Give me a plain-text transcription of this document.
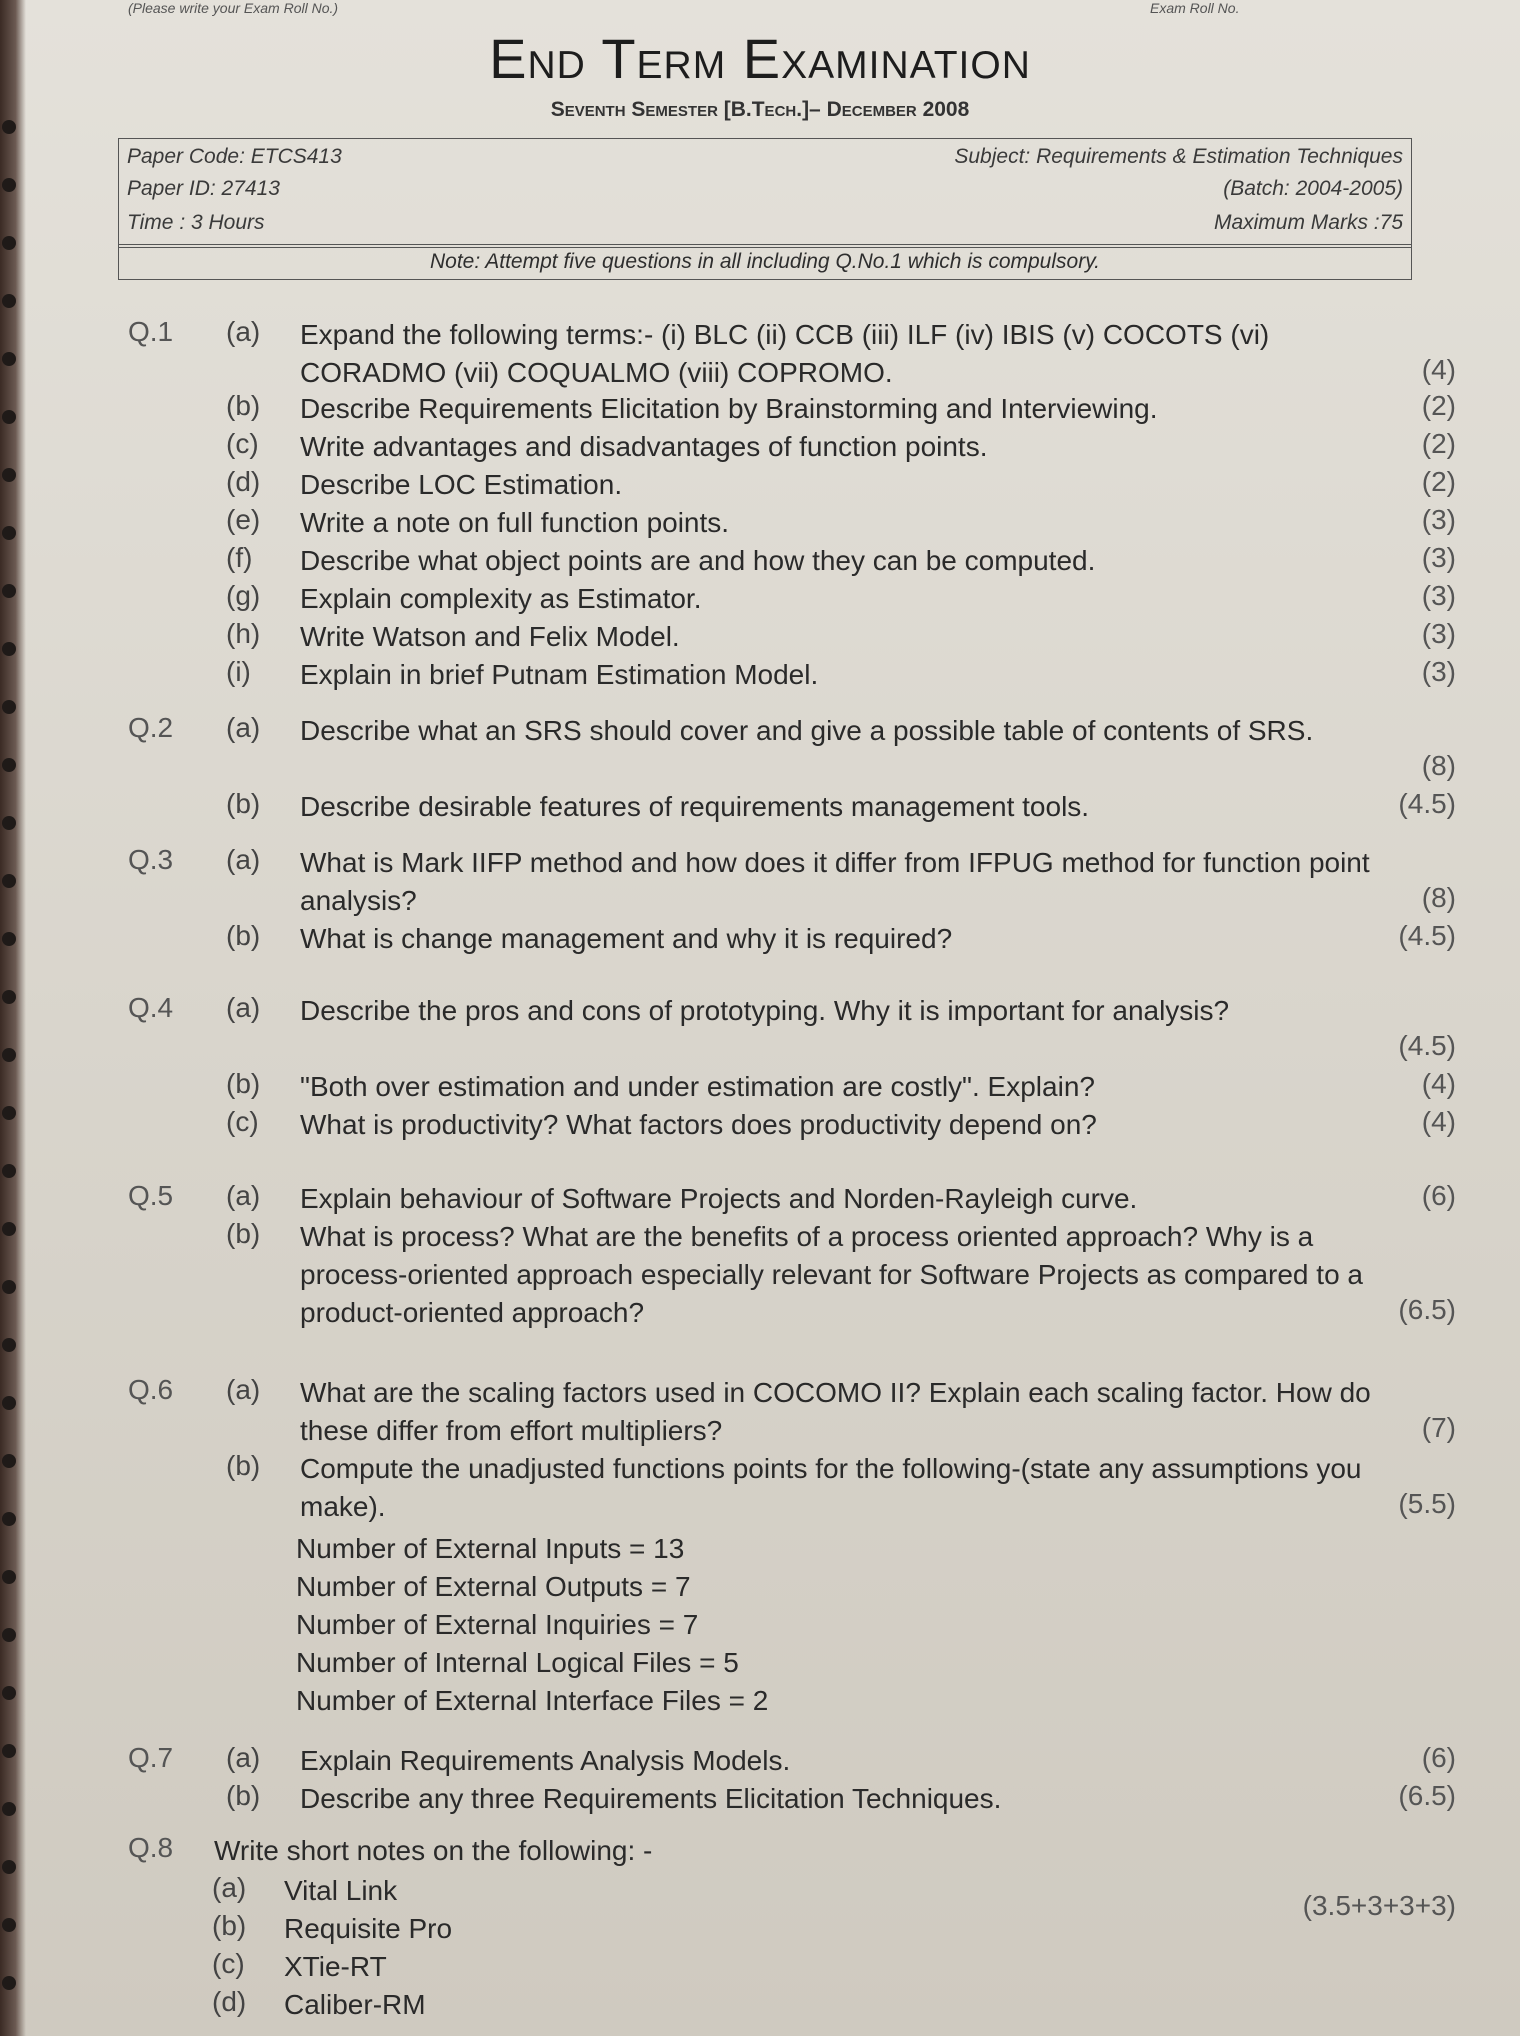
(Please write your Exam Roll No.)	Exam Roll No.
End Term Examination
Seventh Semester [B.Tech.]– December 2008
Paper Code: ETCS413	Subject: Requirements & Estimation Techniques
Paper ID: 27413	(Batch: 2004-2005)
Time : 3 Hours	Maximum Marks :75
Note: Attempt five questions in all including Q.No.1 which is compulsory.
Q.1 (a) Expand the following terms:- (i) BLC (ii) CCB (iii) ILF (iv) IBIS (v) COCOTS (vi) CORADMO (vii) COQUALMO (viii) COPROMO.	(4)
(b) Describe Requirements Elicitation by Brainstorming and Interviewing.	(2)
(c) Write advantages and disadvantages of function points.	(2)
(d) Describe LOC Estimation.	(2)
(e) Write a note on full function points.	(3)
(f) Describe what object points are and how they can be computed.	(3)
(g) Explain complexity as Estimator.	(3)
(h) Write Watson and Felix Model.	(3)
(i) Explain in brief Putnam Estimation Model.	(3)
Q.2 (a) Describe what an SRS should cover and give a possible table of contents of SRS.
(8)
(b) Describe desirable features of requirements management tools.	(4.5)
Q.3 (a) What is Mark IIFP method and how does it differ from IFPUG method for function point analysis?	(8)
(b) What is change management and why it is required?	(4.5)
Q.4 (a) Describe the pros and cons of prototyping. Why it is important for analysis?
(4.5)
(b) "Both over estimation and under estimation are costly". Explain?	(4)
(c) What is productivity? What factors does productivity depend on?	(4)
Q.5 (a) Explain behaviour of Software Projects and Norden-Rayleigh curve.	(6)
(b) What is process? What are the benefits of a process oriented approach? Why is a process-oriented approach especially relevant for Software Projects as compared to a product-oriented approach?	(6.5)
Q.6 (a) What are the scaling factors used in COCOMO II? Explain each scaling factor. How do these differ from effort multipliers?	(7)
(b) Compute the unadjusted functions points for the following-(state any assumptions you make).	(5.5)
Number of External Inputs = 13
Number of External Outputs = 7
Number of External Inquiries = 7
Number of Internal Logical Files = 5
Number of External Interface Files = 2
Q.7 (a) Explain Requirements Analysis Models.	(6)
(b) Describe any three Requirements Elicitation Techniques.	(6.5)
Q.8 Write short notes on the following: -
(3.5+3+3+3)
(a) Vital Link
(b) Requisite Pro
(c) XTie-RT
(d) Caliber-RM
